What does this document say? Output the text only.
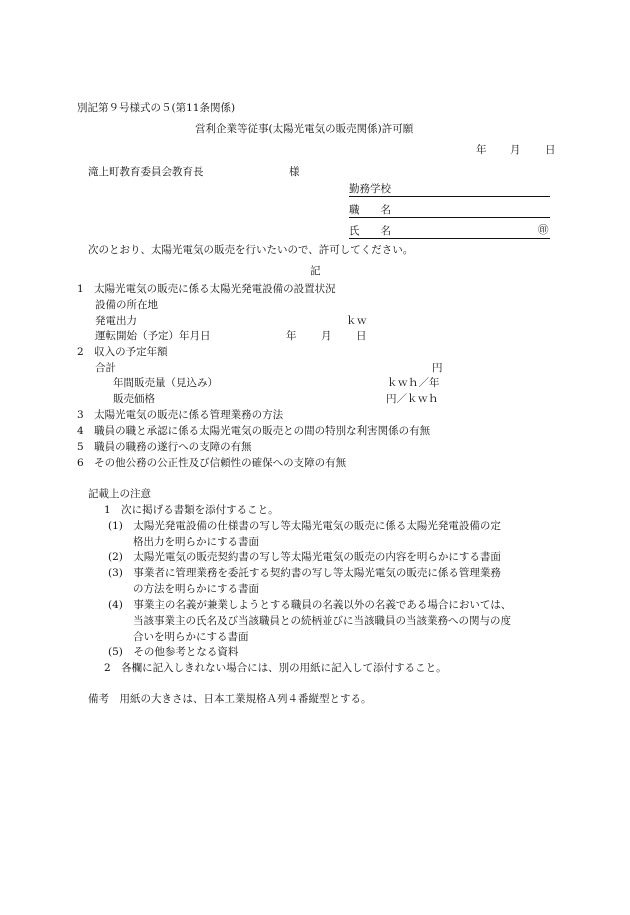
別記第９号様式の５(第11条関係)
営利企業等従事(太陽光電気の販売関係)許可願
年 月 日
滝上町教育委員会教育長	様
勤務学校
職　　名
氏　　名	㊞
次のとおり、太陽光電気の販売を行いたいので、許可してください。
記
1　太陽光電気の販売に係る太陽光発電設備の設置状況
設備の所在地
発電出力	ｋｗ
運転開始（予定）年月日	年 月 日
2　収入の予定年額
合計	円
年間販売量（見込み）	ｋｗｈ／年
販売価格	円／ｋｗｈ
3　太陽光電気の販売に係る管理業務の方法
4　職員の職と承認に係る太陽光電気の販売との間の特別な利害関係の有無
5　職員の職務の遂行への支障の有無
6　その他公務の公正性及び信頼性の確保への支障の有無
記載上の注意
1　次に掲げる書類を添付すること。
(1)　太陽光発電設備の仕様書の写し等太陽光電気の販売に係る太陽光発電設備の定
格出力を明らかにする書面
(2)　太陽光電気の販売契約書の写し等太陽光電気の販売の内容を明らかにする書面
(3)　事業者に管理業務を委託する契約書の写し等太陽光電気の販売に係る管理業務
の方法を明らかにする書面
(4)　事業主の名義が兼業しようとする職員の名義以外の名義である場合においては、
当該事業主の氏名及び当該職員との続柄並びに当該職員の当該業務への関与の度
合いを明らかにする書面
(5)　その他参考となる資料
2　各欄に記入しきれない場合には、別の用紙に記入して添付すること。
備考　用紙の大きさは、日本工業規格Ａ列４番縦型とする。
